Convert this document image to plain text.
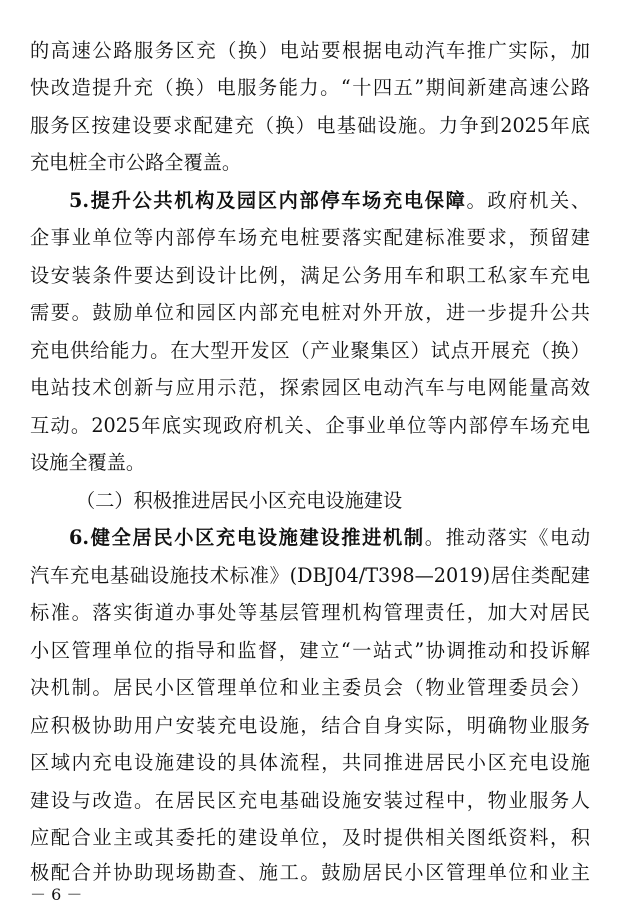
的高速公路服务区充（换）电站要根据电动汽车推广实际，加
快改造提升充（换）电服务能力。“十四五”期间新建高速公路
服务区按建设要求配建充（换）电基础设施。力争到2025年底
充电桩全市公路全覆盖。
5.提升公共机构及园区内部停车场充电保障。政府机关、
企事业单位等内部停车场充电桩要落实配建标准要求，预留建
设安装条件要达到设计比例，满足公务用车和职工私家车充电
需要。鼓励单位和园区内部充电桩对外开放，进一步提升公共
充电供给能力。在大型开发区（产业聚集区）试点开展充（换）
电站技术创新与应用示范，探索园区电动汽车与电网能量高效
互动。2025年底实现政府机关、企事业单位等内部停车场充电
设施全覆盖。
（二）积极推进居民小区充电设施建设
6.健全居民小区充电设施建设推进机制。推动落实《电动
汽车充电基础设施技术标准》(DBJ04/T398—2019)居住类配建
标准。落实街道办事处等基层管理机构管理责任，加大对居民
小区管理单位的指导和监督，建立“一站式”协调推动和投诉解
决机制。居民小区管理单位和业主委员会（物业管理委员会）
应积极协助用户安装充电设施，结合自身实际，明确物业服务
区域内充电设施建设的具体流程，共同推进居民小区充电设施
建设与改造。在居民区充电基础设施安装过程中，物业服务人
应配合业主或其委托的建设单位，及时提供相关图纸资料，积
极配合并协助现场勘查、施工。鼓励居民小区管理单位和业主
－ 6 －
